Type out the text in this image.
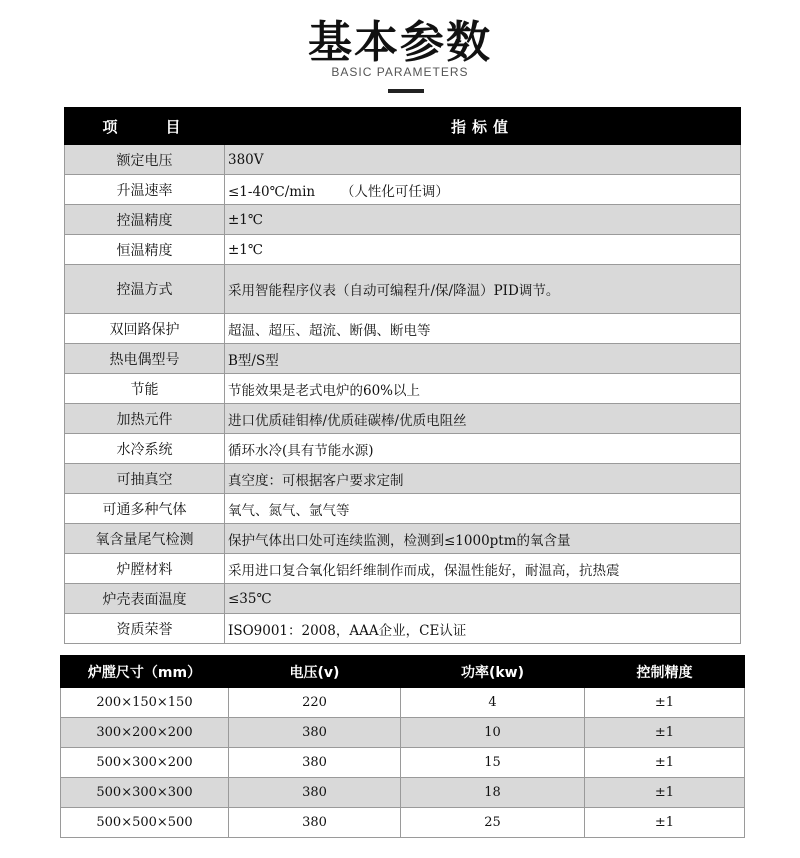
基本参数
BASIC PARAMETERS
项　　目	指标值
额定电压	380V
升温速率	≤1-40℃/min      （人性化可任调）
控温精度	±1℃
恒温精度	±1℃
控温方式	采用智能程序仪表（自动可编程升/保/降温）PID调节。
双回路保护	超温、超压、超流、断偶、断电等
热电偶型号	B型/S型
节能	节能效果是老式电炉的60%以上
加热元件	进口优质硅钼棒/优质硅碳棒/优质电阻丝
水冷系统	循环水冷(具有节能水源)
可抽真空	真空度：可根据客户要求定制
可通多种气体	氧气、氮气、氩气等
氧含量尾气检测	保护气体出口处可连续监测，检测到≤1000ptm的氧含量
炉膛材料	采用进口复合氧化铝纤维制作而成，保温性能好，耐温高，抗热震
炉壳表面温度	≤35℃
资质荣誉	ISO9001：2008，AAA企业，CE认证
炉膛尺寸（mm）	电压(v)	功率(kw)	控制精度
200×150×150	220	4	±1
300×200×200	380	10	±1
500×300×200	380	15	±1
500×300×300	380	18	±1
500×500×500	380	25	±1
